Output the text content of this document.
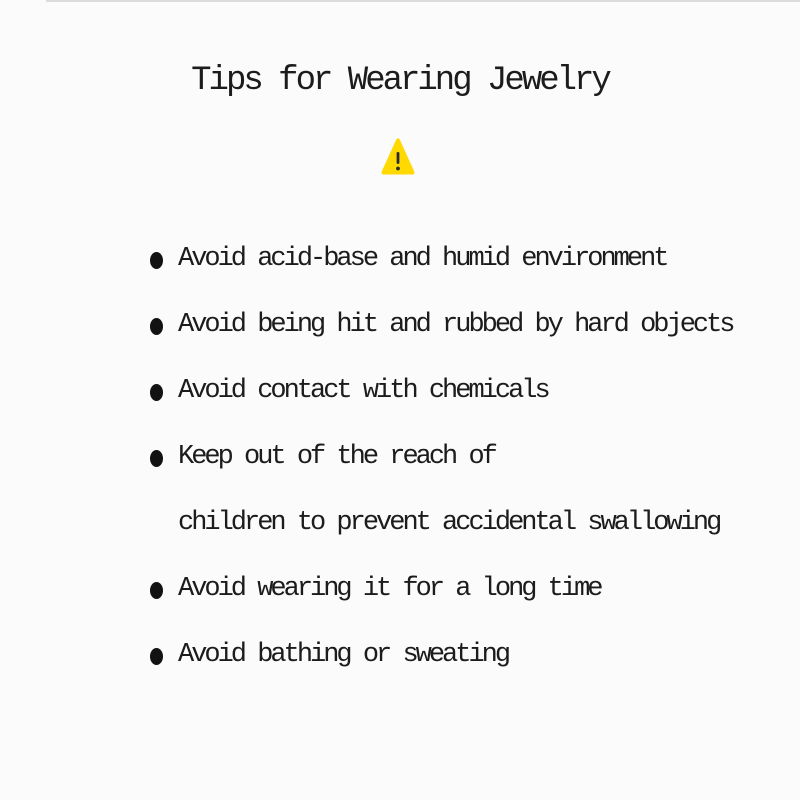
Tips for Wearing Jewelry
Avoid acid-base and humid environment
Avoid being hit and rubbed by hard objects
Avoid contact with chemicals
Keep out of the reach of
children to prevent accidental swallowing
Avoid wearing it for a long time
Avoid bathing or sweating
